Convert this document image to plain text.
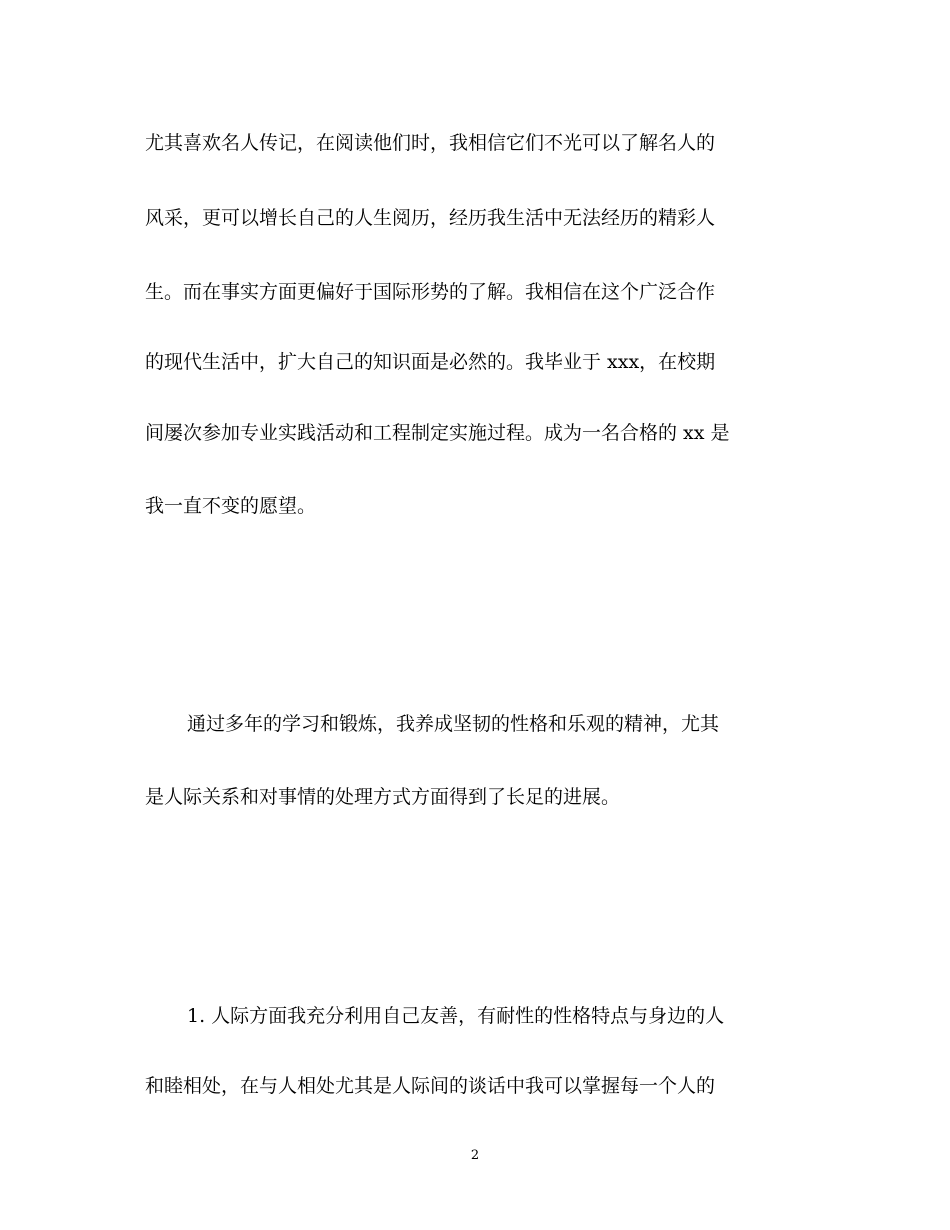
尤其喜欢名人传记，在阅读他们时，我相信它们不光可以了解名人的
风采，更可以增长自己的人生阅历，经历我生活中无法经历的精彩人
生。而在事实方面更偏好于国际形势的了解。我相信在这个广泛合作
的现代生活中，扩大自己的知识面是必然的。我毕业于 xxx，在校期
间屡次参加专业实践活动和工程制定实施过程。成为一名合格的 xx 是
我一直不变的愿望。
通过多年的学习和锻炼，我养成坚韧的性格和乐观的精神，尤其
是人际关系和对事情的处理方式方面得到了长足的进展。
1. 人际方面我充分利用自己友善，有耐性的性格特点与身边的人
和睦相处，在与人相处尤其是人际间的谈话中我可以掌握每一个人的
2
